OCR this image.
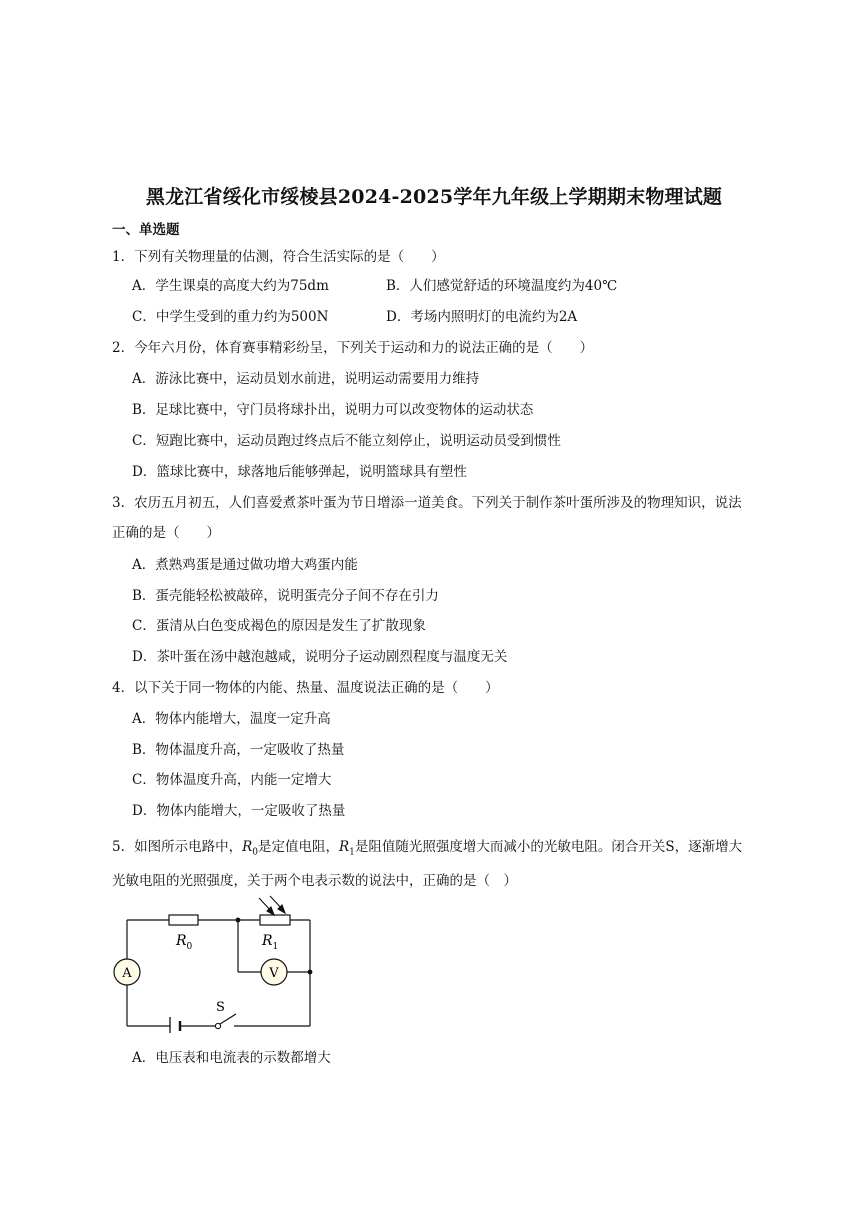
黑龙江省绥化市绥棱县2024-2025学年九年级上学期期末物理试题
一、单选题
1．下列有关物理量的估测，符合生活实际的是（　　）
A．学生课桌的高度大约为75dm	B．人们感觉舒适的环境温度约为40℃
C．中学生受到的重力约为500N	D．考场内照明灯的电流约为2A
2．今年六月份，体育赛事精彩纷呈，下列关于运动和力的说法正确的是（　　）
A．游泳比赛中，运动员划水前进，说明运动需要用力维持
B．足球比赛中，守门员将球扑出，说明力可以改变物体的运动状态
C．短跑比赛中，运动员跑过终点后不能立刻停止，说明运动员受到惯性
D．篮球比赛中，球落地后能够弹起，说明篮球具有塑性
3．农历五月初五，人们喜爱煮茶叶蛋为节日增添一道美食。下列关于制作茶叶蛋所涉及的物理知识，说法
正确的是（　　）
A．煮熟鸡蛋是通过做功增大鸡蛋内能
B．蛋壳能轻松被敲碎，说明蛋壳分子间不存在引力
C．蛋清从白色变成褐色的原因是发生了扩散现象
D．茶叶蛋在汤中越泡越咸，说明分子运动剧烈程度与温度无关
4．以下关于同一物体的内能、热量、温度说法正确的是（　　）
A．物体内能增大，温度一定升高
B．物体温度升高，一定吸收了热量
C．物体温度升高，内能一定增大
D．物体内能增大，一定吸收了热量
5．如图所示电路中，$R_0$是定值电阻，$R_1$是阻值随光照强度增大而减小的光敏电阻。闭合开关S，逐渐增大
光敏电阻的光照强度，关于两个电表示数的说法中，正确的是（　）
A	V
$R_0$	$R_1$
S
A．电压表和电流表的示数都增大
